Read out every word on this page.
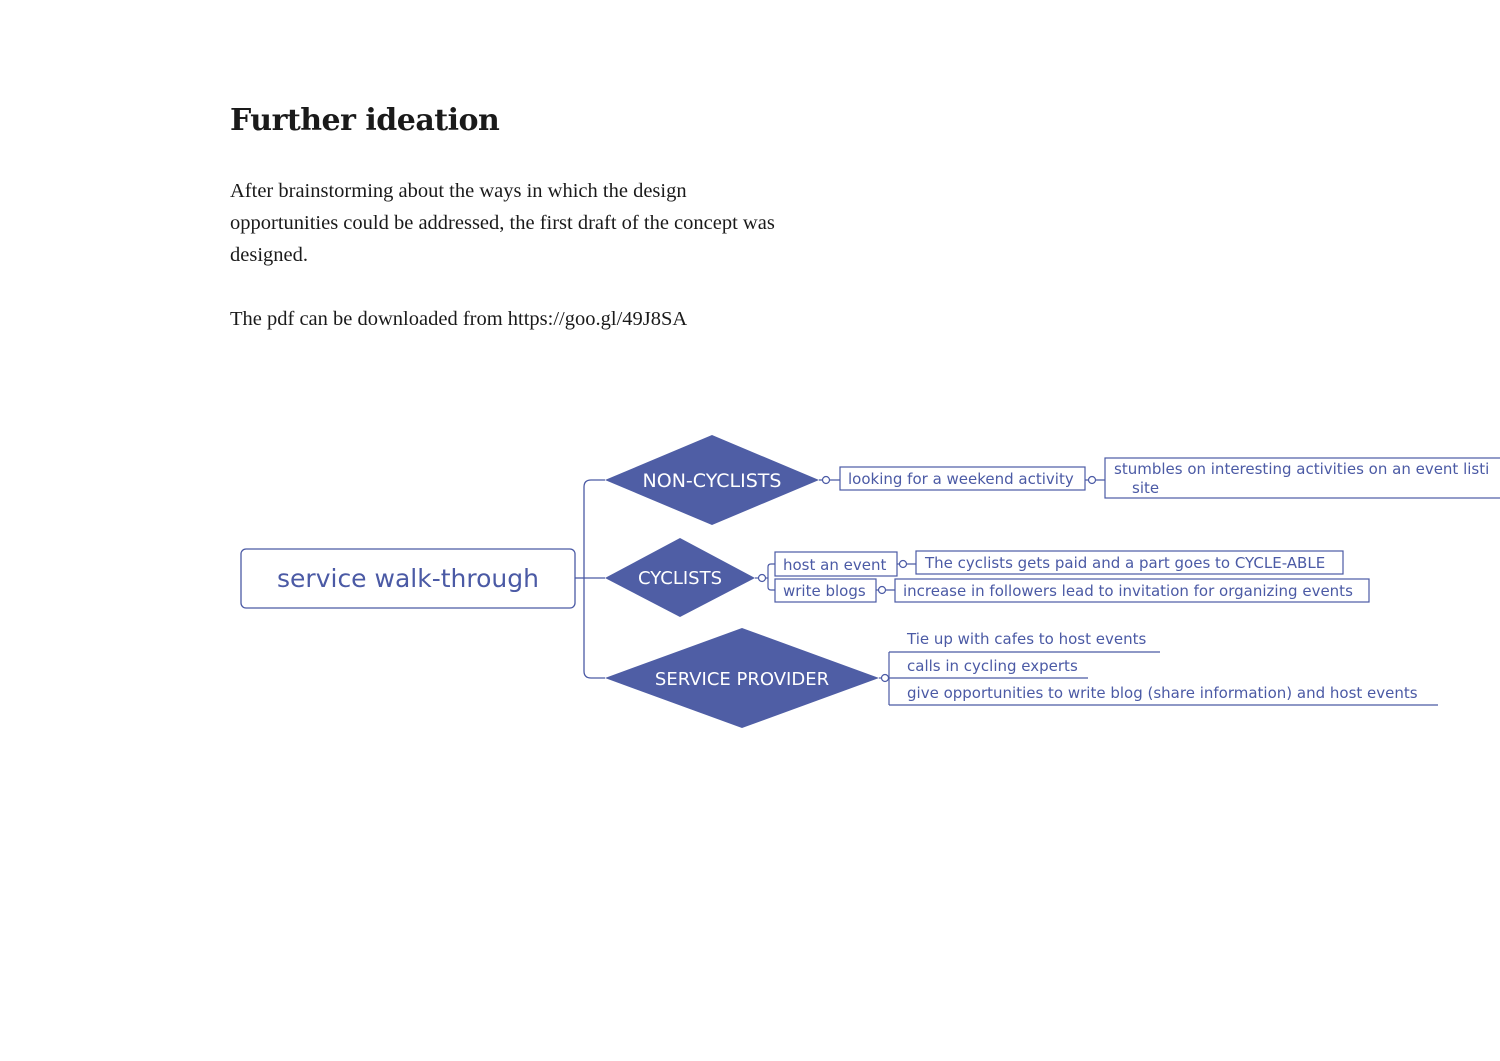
Further ideation

After brainstorming about the ways in which the design opportunities could be addressed, the first draft of the concept was designed.

The pdf can be downloaded from https://goo.gl/49J8SA

service walk-through
NON-CYCLISTS	looking for a weekend activity
stumbles on interesting activities on an event listi
site
CYCLISTS
host an event	The cyclists gets paid and a part goes to CYCLE-ABLE
write blogs increase in followers lead to invitation for organizing events
SERVICE PROVIDER
Tie up with cafes to host events
calls in cycling experts
give opportunities to write blog (share information) and host events
